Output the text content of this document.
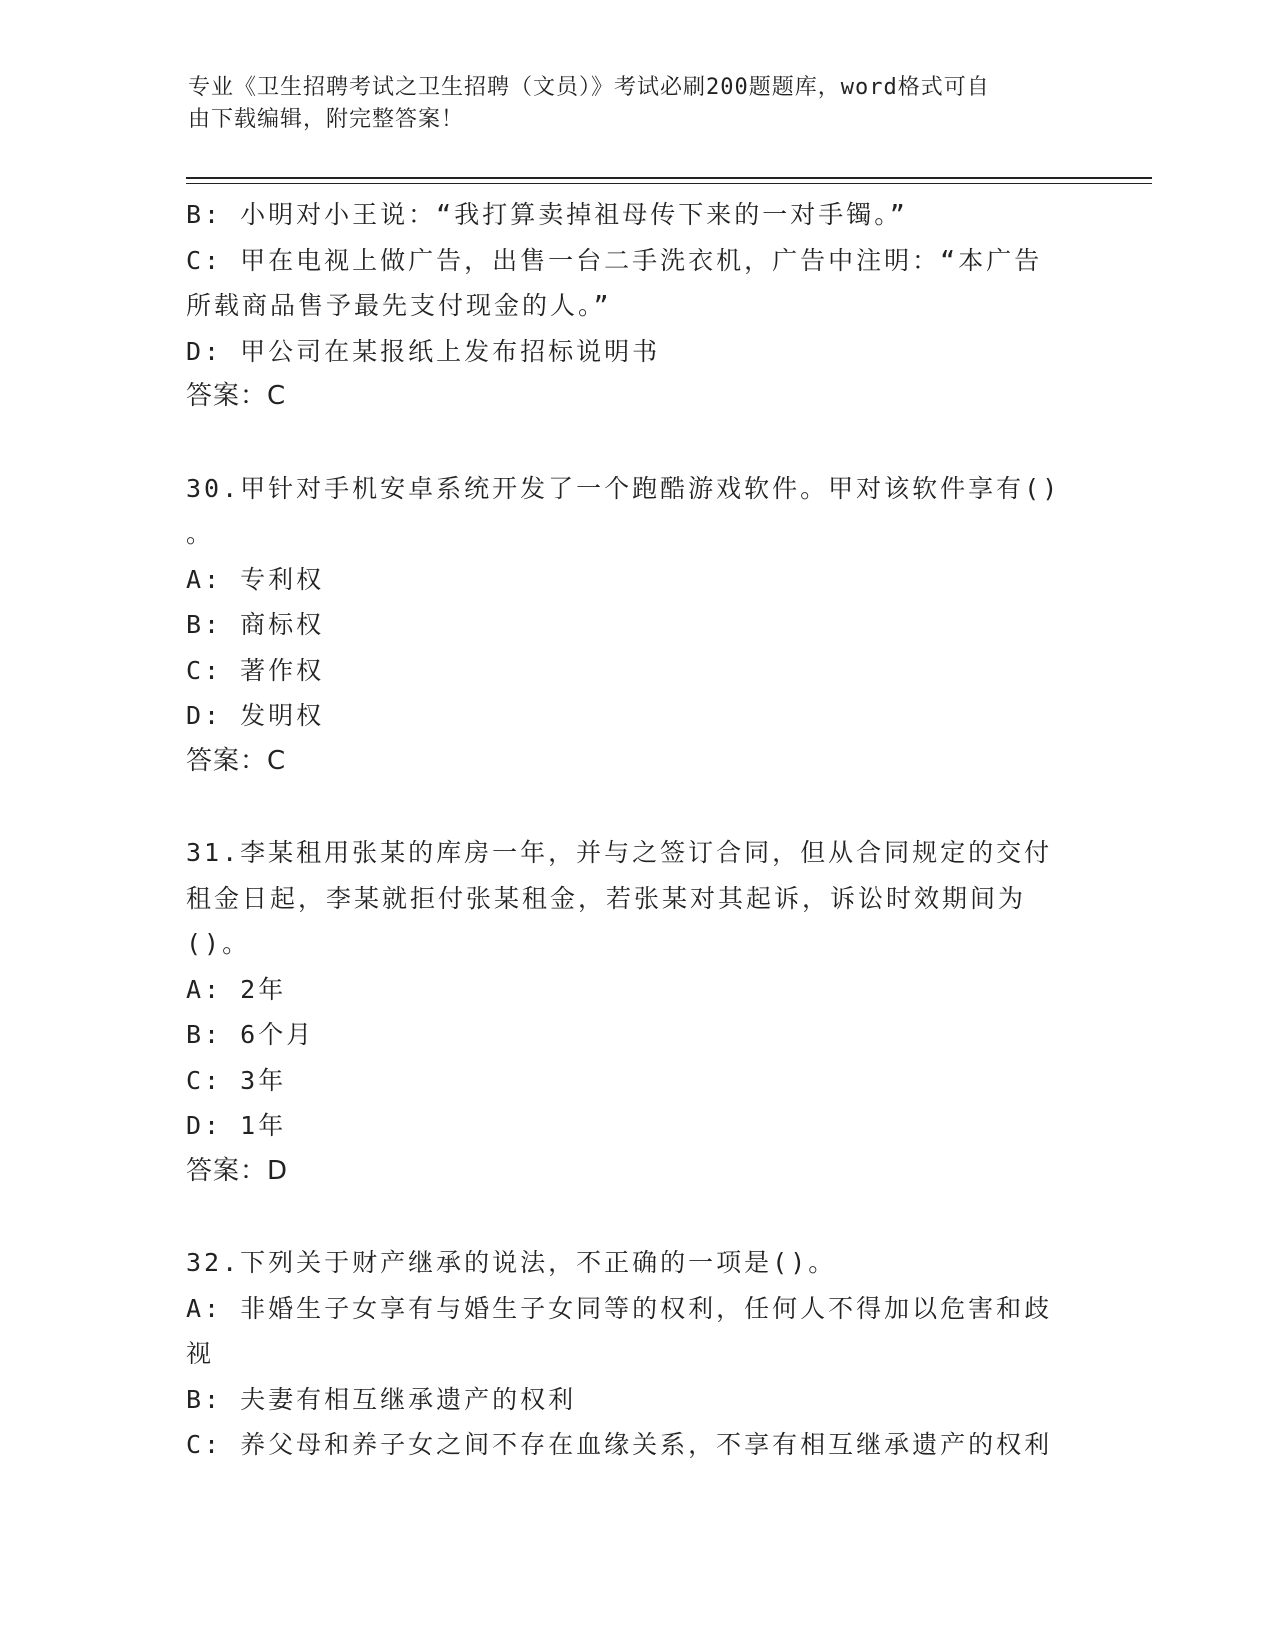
专业《卫生招聘考试之卫生招聘（文员）》考试必刷200题题库，word格式可自
由下载编辑，附完整答案！
B: 小明对小王说：“我打算卖掉祖母传下来的一对手镯。”
C: 甲在电视上做广告，出售一台二手洗衣机，广告中注明：“本广告
所载商品售予最先支付现金的人。”
D: 甲公司在某报纸上发布招标说明书
答案：C
30.甲针对手机安卓系统开发了一个跑酷游戏软件。甲对该软件享有()
。
A: 专利权
B: 商标权
C: 著作权
D: 发明权
答案：C
31.李某租用张某的库房一年，并与之签订合同，但从合同规定的交付
租金日起，李某就拒付张某租金，若张某对其起诉，诉讼时效期间为
()。
A: 2年
B: 6个月
C: 3年
D: 1年
答案：D
32.下列关于财产继承的说法，不正确的一项是()。
A: 非婚生子女享有与婚生子女同等的权利，任何人不得加以危害和歧
视
B: 夫妻有相互继承遗产的权利
C: 养父母和养子女之间不存在血缘关系，不享有相互继承遗产的权利
